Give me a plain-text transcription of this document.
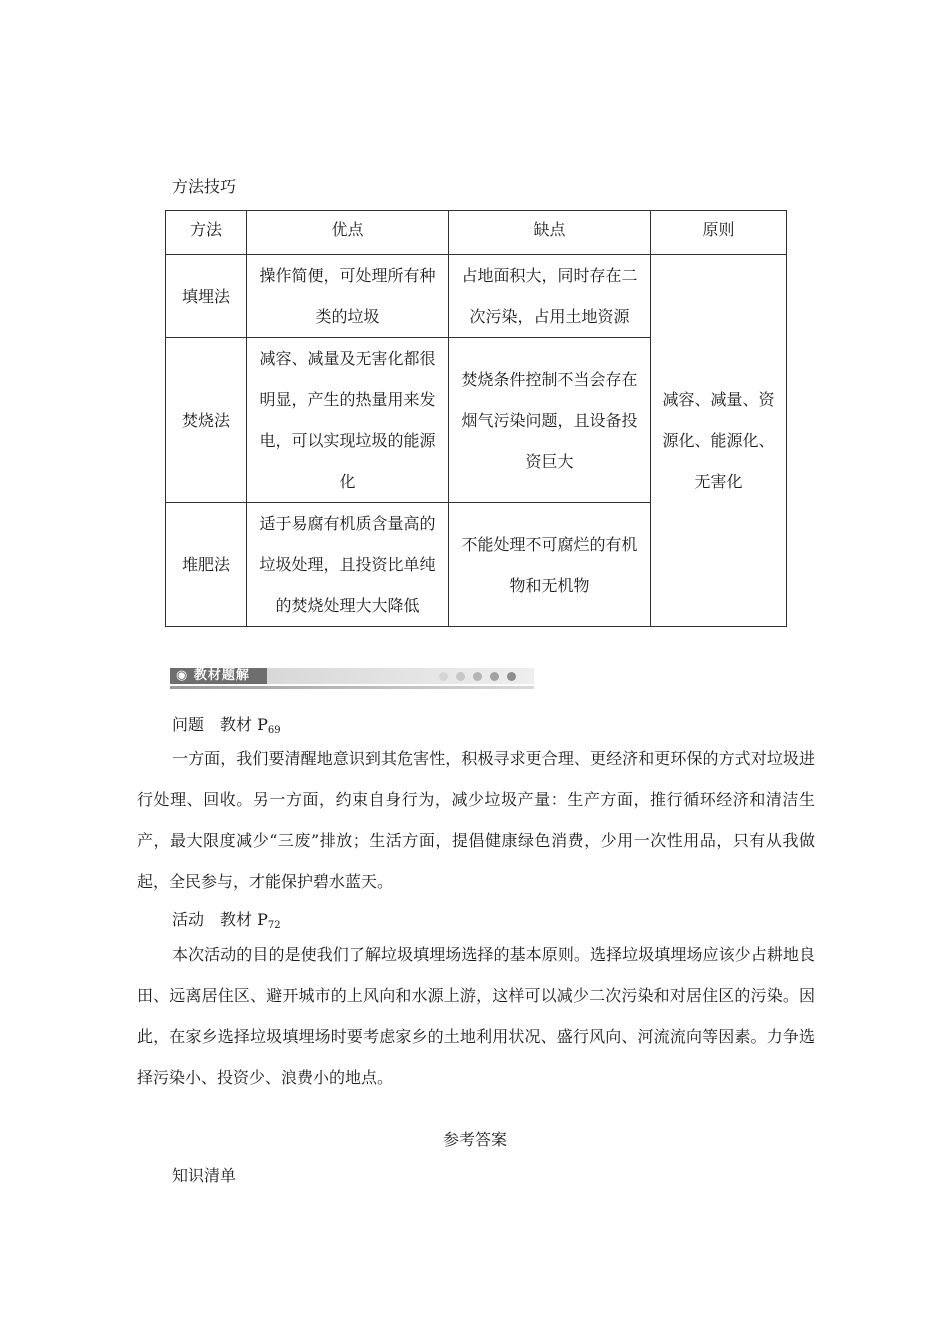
方法技巧
方法	优点	缺点	原则
填埋法	操作简便，可处理所有种类的垃圾	占地面积大，同时存在二次污染，占用土地资源	减容、减量、资源化、能源化、无害化
焚烧法	减容、减量及无害化都很明显，产生的热量用来发电，可以实现垃圾的能源化	焚烧条件控制不当会存在烟气污染问题，且设备投资巨大	
堆肥法	适于易腐有机质含量高的垃圾处理，且投资比单纯的焚烧处理大大降低	不能处理不可腐烂的有机物和无机物	
◉ 教材题解
问题　教材 $P_{69}$
一方面，我们要清醒地意识到其危害性，积极寻求更合理、更经济和更环保的方式对垃圾进行处理、回收。另一方面，约束自身行为，减少垃圾产量：生产方面，推行循环经济和清洁生产，最大限度减少“三废”排放；生活方面，提倡健康绿色消费，少用一次性用品，只有从我做起，全民参与，才能保护碧水蓝天。
活动　教材 $P_{72}$
本次活动的目的是使我们了解垃圾填埋场选择的基本原则。选择垃圾填埋场应该少占耕地良田、远离居住区、避开城市的上风向和水源上游，这样可以减少二次污染和对居住区的污染。因此，在家乡选择垃圾填埋场时要考虑家乡的土地利用状况、盛行风向、河流流向等因素。力争选择污染小、投资少、浪费小的地点。
参考答案
知识清单
